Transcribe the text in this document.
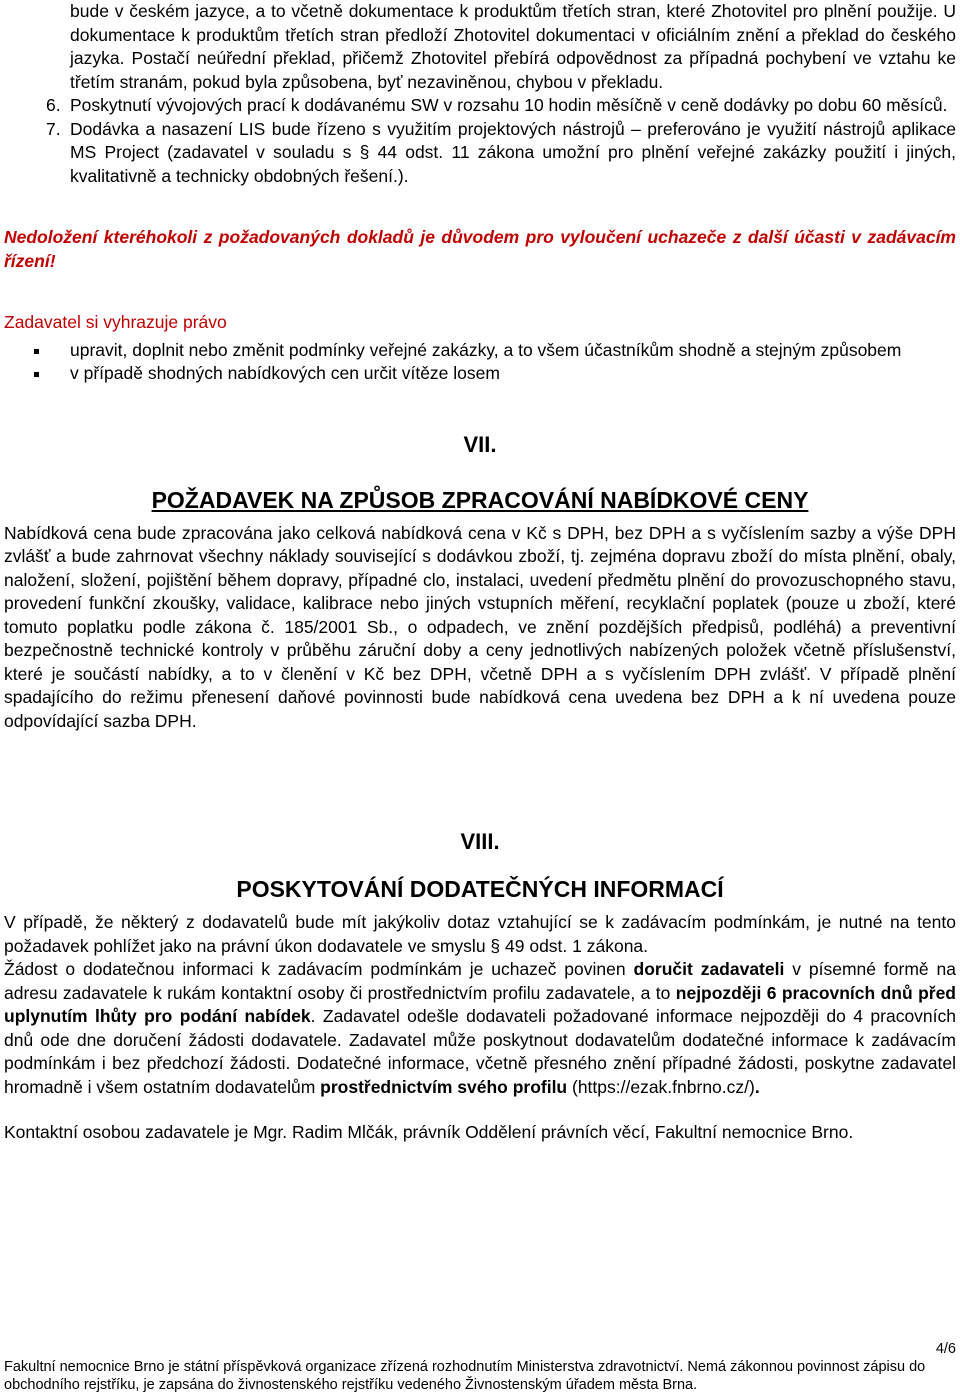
bude v českém jazyce, a to včetně dokumentace k produktům třetích stran, které Zhotovitel pro plnění použije. U dokumentace k produktům třetích stran předloží Zhotovitel dokumentaci v oficiálním znění a překlad do českého jazyka. Postačí neúřední překlad, přičemž Zhotovitel přebírá odpovědnost za případná pochybení ve vztahu ke třetím stranám, pokud byla způsobena, byť nezaviněnou, chybou v překladu.
6. Poskytnutí vývojových prací k dodávanému SW v rozsahu 10 hodin měsíčně v ceně dodávky po dobu 60 měsíců.
7. Dodávka a nasazení LIS bude řízeno s využitím projektových nástrojů – preferováno je využití nástrojů aplikace MS Project (zadavatel v souladu s § 44 odst. 11 zákona umožní pro plnění veřejné zakázky použití i jiných, kvalitativně a technicky obdobných řešení.).
Nedoložení kteréhokoli z požadovaných dokladů je důvodem pro vyloučení uchazeče z další účasti v zadávacím řízení!
Zadavatel si vyhrazuje právo
upravit, doplnit nebo změnit podmínky veřejné zakázky, a to všem účastníkům shodně a stejným způsobem
v případě shodných nabídkových cen určit vítěze losem
VII.
POŽADAVEK NA ZPŮSOB ZPRACOVÁNÍ NABÍDKOVÉ CENY
Nabídková cena bude zpracována jako celková nabídková cena v Kč s DPH, bez DPH a s vyčíslením sazby a výše DPH zvlášť a bude zahrnovat všechny náklady související s dodávkou zboží, tj. zejména dopravu zboží do místa plnění, obaly, naložení, složení, pojištění během dopravy, případné clo, instalaci, uvedení předmětu plnění do provozuschopného stavu, provedení funkční zkoušky, validace, kalibrace nebo jiných vstupních měření, recyklační poplatek (pouze u zboží, které tomuto poplatku podle zákona č. 185/2001 Sb., o odpadech, ve znění pozdějších předpisů, podléhá) a preventivní bezpečnostně technické kontroly v průběhu záruční doby a ceny jednotlivých nabízených položek včetně příslušenství, které je součástí nabídky, a to v členění v Kč bez DPH, včetně DPH a s vyčíslením DPH zvlášť. V případě plnění spadajícího do režimu přenesení daňové povinnosti bude nabídková cena uvedena bez DPH a k ní uvedena pouze odpovídající sazba DPH.
VIII.
POSKYTOVÁNÍ DODATEČNÝCH INFORMACÍ
V případě, že některý z dodavatelů bude mít jakýkoliv dotaz vztahující se k zadávacím podmínkám, je nutné na tento požadavek pohlížet jako na právní úkon dodavatele ve smyslu § 49 odst. 1 zákona.
Žádost o dodatečnou informaci k zadávacím podmínkám je uchazeč povinen doručit zadavateli v písemné formě na adresu zadavatele k rukám kontaktní osoby či prostřednictvím profilu zadavatele, a to nejpozději 6 pracovních dnů před uplynutím lhůty pro podání nabídek. Zadavatel odešle dodavateli požadované informace nejpozději do 4 pracovních dnů ode dne doručení žádosti dodavatele. Zadavatel může poskytnout dodavatelům dodatečné informace k zadávacím podmínkám i bez předchozí žádosti. Dodatečné informace, včetně přesného znění případné žádosti, poskytne zadavatel hromadně i všem ostatním dodavatelům prostřednictvím svého profilu (https://ezak.fnbrno.cz/).
Kontaktní osobou zadavatele je Mgr. Radim Mlčák, právník Oddělení právních věcí, Fakultní nemocnice Brno.
4/6
Fakultní nemocnice Brno je státní příspěvková organizace zřízená rozhodnutím Ministerstva zdravotnictví. Nemá zákonnou povinnost zápisu do obchodního rejstříku, je zapsána do živnostenského rejstříku vedeného Živnostenským úřadem města Brna.
